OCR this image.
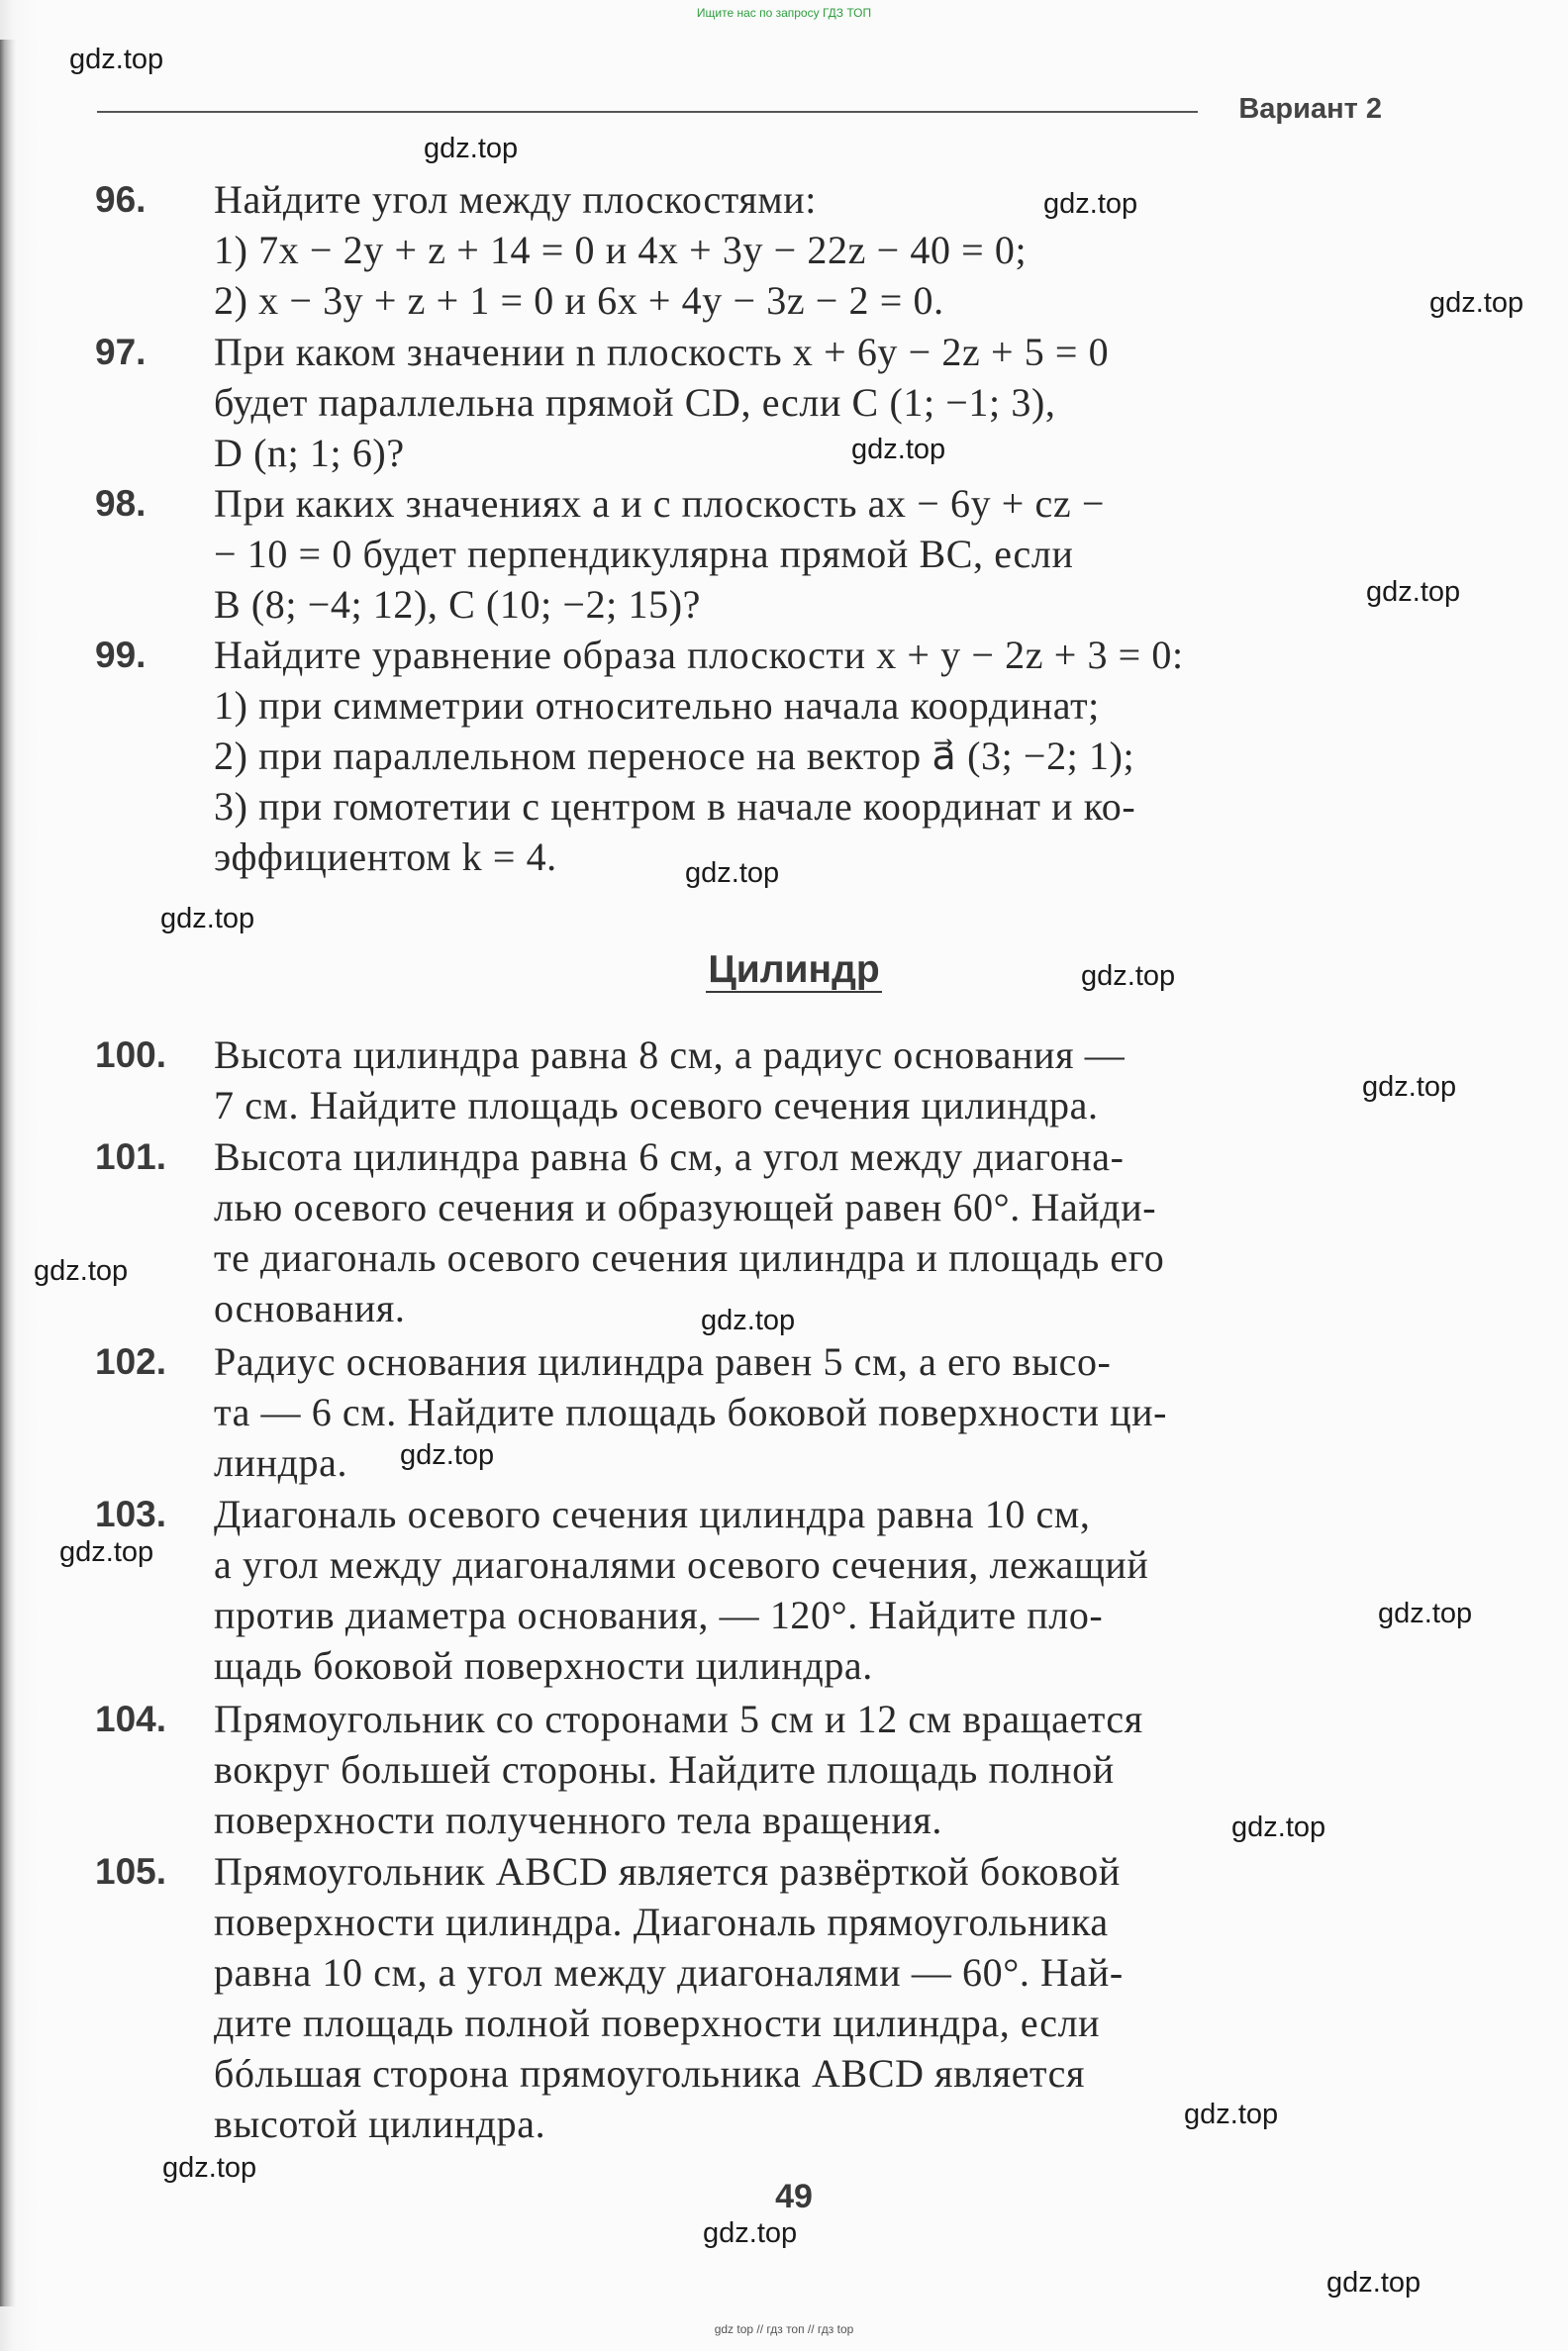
Ищите нас по запросу ГДЗ ТОП
Вариант 2
96. Найдите угол между плоскостями:
1) 7x − 2y + z + 14 = 0 и 4x + 3y − 22z − 40 = 0;
2) x − 3y + z + 1 = 0 и 6x + 4y − 3z − 2 = 0.
97. При каком значении n плоскость x + 6y − 2z + 5 = 0
будет параллельна прямой CD, если C (1; −1; 3),
D (n; 1; 6)?
98. При каких значениях a и c плоскость ax − 6y + cz −
− 10 = 0 будет перпендикулярна прямой BC, если
B (8; −4; 12), C (10; −2; 15)?
99. Найдите уравнение образа плоскости x + y − 2z + 3 = 0:
1) при симметрии относительно начала координат;
2) при параллельном переносе на вектор a⃗ (3; −2; 1);
3) при гомотетии с центром в начале координат и ко-
эффициентом k = 4.
Цилиндр
100. Высота цилиндра равна 8 см, а радиус основания —
7 см. Найдите площадь осевого сечения цилиндра.
101. Высота цилиндра равна 6 см, а угол между диагона-
лью осевого сечения и образующей равен 60°. Найди-
те диагональ осевого сечения цилиндра и площадь его
основания.
102. Радиус основания цилиндра равен 5 см, а его высо-
та — 6 см. Найдите площадь боковой поверхности ци-
линдра.
103. Диагональ осевого сечения цилиндра равна 10 см,
а угол между диагоналями осевого сечения, лежащий
против диаметра основания, — 120°. Найдите пло-
щадь боковой поверхности цилиндра.
104. Прямоугольник со сторонами 5 см и 12 см вращается
вокруг большей стороны. Найдите площадь полной
поверхности полученного тела вращения.
105. Прямоугольник ABCD является развёрткой боковой
поверхности цилиндра. Диагональ прямоугольника
равна 10 см, а угол между диагоналями — 60°. Най-
дите площадь полной поверхности цилиндра, если
бóльшая сторона прямоугольника ABCD является
высотой цилиндра.
49
gdz top // гдз топ // гдз top
gdz.top
gdz.top
gdz.top
gdz.top
gdz.top
gdz.top
gdz.top
gdz.top
gdz.top
gdz.top
gdz.top
gdz.top
gdz.top
gdz.top
gdz.top
gdz.top
gdz.top
gdz.top
gdz.top
gdz.top
